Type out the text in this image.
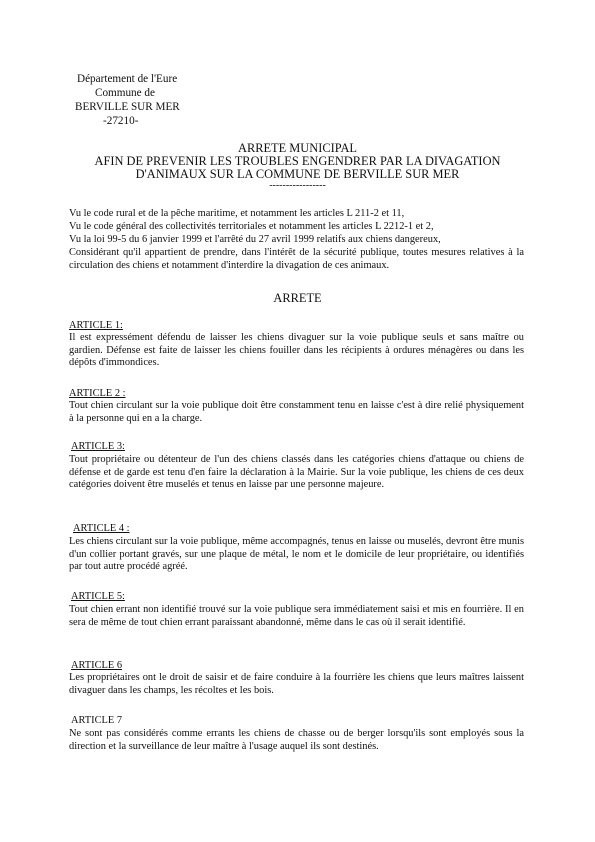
Département de l'Eure
Commune de
BERVILLE SUR MER
-27210-
ARRETE MUNICIPAL
AFIN DE PREVENIR LES TROUBLES ENGENDRER PAR LA DIVAGATION
D'ANIMAUX SUR LA COMMUNE DE BERVILLE SUR MER
-----------------
Vu le code rural et de la pêche maritime, et notamment les articles L 211-2 et 11,
Vu le code général des collectivités territoriales et notamment les articles L 2212-1 et 2,
Vu la loi 99-5 du 6 janvier 1999 et l'arrêté du 27 avril 1999 relatifs aux chiens dangereux,
Considérant qu'il appartient de prendre, dans l'intérêt de la sécurité publique, toutes mesures relatives à la circulation des chiens et notamment d'interdire la divagation de ces animaux.
ARRETE
ARTICLE 1:
Il est expressément défendu de laisser les chiens divaguer sur la voie publique seuls et sans maître ou gardien. Défense est faite de laisser les chiens fouiller dans les récipients à ordures ménagères ou dans les dépôts d'immondices.
ARTICLE 2 :
Tout chien circulant sur la voie publique doit être constamment tenu en laisse c'est à dire relié physiquement à la personne qui en a la charge.
ARTICLE 3:
Tout propriétaire ou détenteur de l'un des chiens classés dans les catégories chiens d'attaque ou chiens de défense et de garde est tenu d'en faire la déclaration à la Mairie. Sur la voie publique, les chiens de ces deux catégories doivent être muselés et tenus en laisse par une personne majeure.
ARTICLE 4 :
Les chiens circulant sur la voie publique, même accompagnés, tenus en laisse ou muselés, devront être munis d'un collier portant gravés, sur une plaque de métal, le nom et le domicile de leur propriétaire, ou identifiés par tout autre procédé agréé.
ARTICLE 5:
Tout chien errant non identifié trouvé sur la voie publique sera immédiatement saisi et mis en fourrière. Il en sera de même de tout chien errant paraissant abandonné, même dans le cas où il serait identifié.
ARTICLE 6
Les propriétaires ont le droit de saisir et de faire conduire à la fourrière les chiens que leurs maîtres laissent divaguer dans les champs, les récoltes et les bois.
ARTICLE 7
Ne sont pas considérés comme errants les chiens de chasse ou de berger lorsqu'ils sont employés sous la direction et la surveillance de leur maître à l'usage auquel ils sont destinés.
